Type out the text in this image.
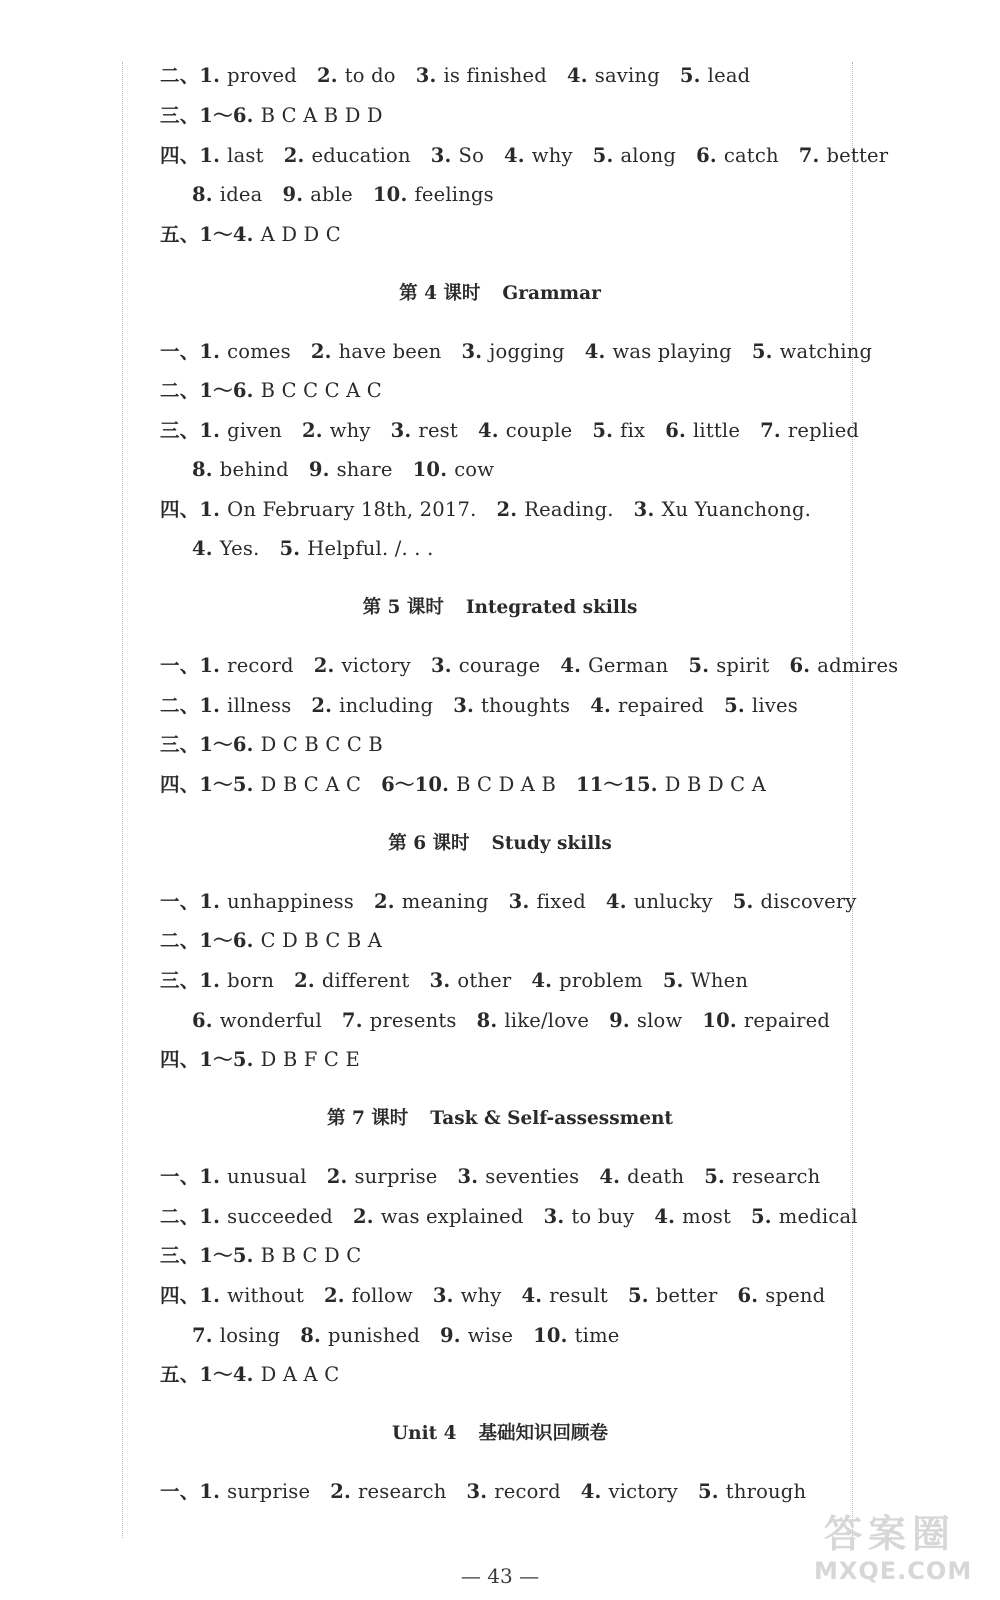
二、1. proved 2. to do 3. is finished 4. saving 5. lead
三、1～6. B C A B D D
四、1. last 2. education 3. So 4. why 5. along 6. catch 7. better
8. idea 9. able 10. feelings
五、1～4. A D D C
第 4 课时 Grammar
一、1. comes 2. have been 3. jogging 4. was playing 5. watching
二、1～6. B C C C A C
三、1. given 2. why 3. rest 4. couple 5. fix 6. little 7. replied
8. behind 9. share 10. cow
四、1. On February 18th, 2017. 2. Reading. 3. Xu Yuanchong.
4. Yes. 5. Helpful. /. . .
第 5 课时 Integrated skills
一、1. record 2. victory 3. courage 4. German 5. spirit 6. admires
二、1. illness 2. including 3. thoughts 4. repaired 5. lives
三、1～6. D C B C C B
四、1～5. D B C A C 6～10. B C D A B 11～15. D B D C A
第 6 课时 Study skills
一、1. unhappiness 2. meaning 3. fixed 4. unlucky 5. discovery
二、1～6. C D B C B A
三、1. born 2. different 3. other 4. problem 5. When
6. wonderful 7. presents 8. like/love 9. slow 10. repaired
四、1～5. D B F C E
第 7 课时 Task & Self-assessment
一、1. unusual 2. surprise 3. seventies 4. death 5. research
二、1. succeeded 2. was explained 3. to buy 4. most 5. medical
三、1～5. B B C D C
四、1. without 2. follow 3. why 4. result 5. better 6. spend
7. losing 8. punished 9. wise 10. time
五、1～4. D A A C
Unit 4 基础知识回顾卷
一、1. surprise 2. research 3. record 4. victory 5. through
— 43 —
答案圈
MXQE.COM
